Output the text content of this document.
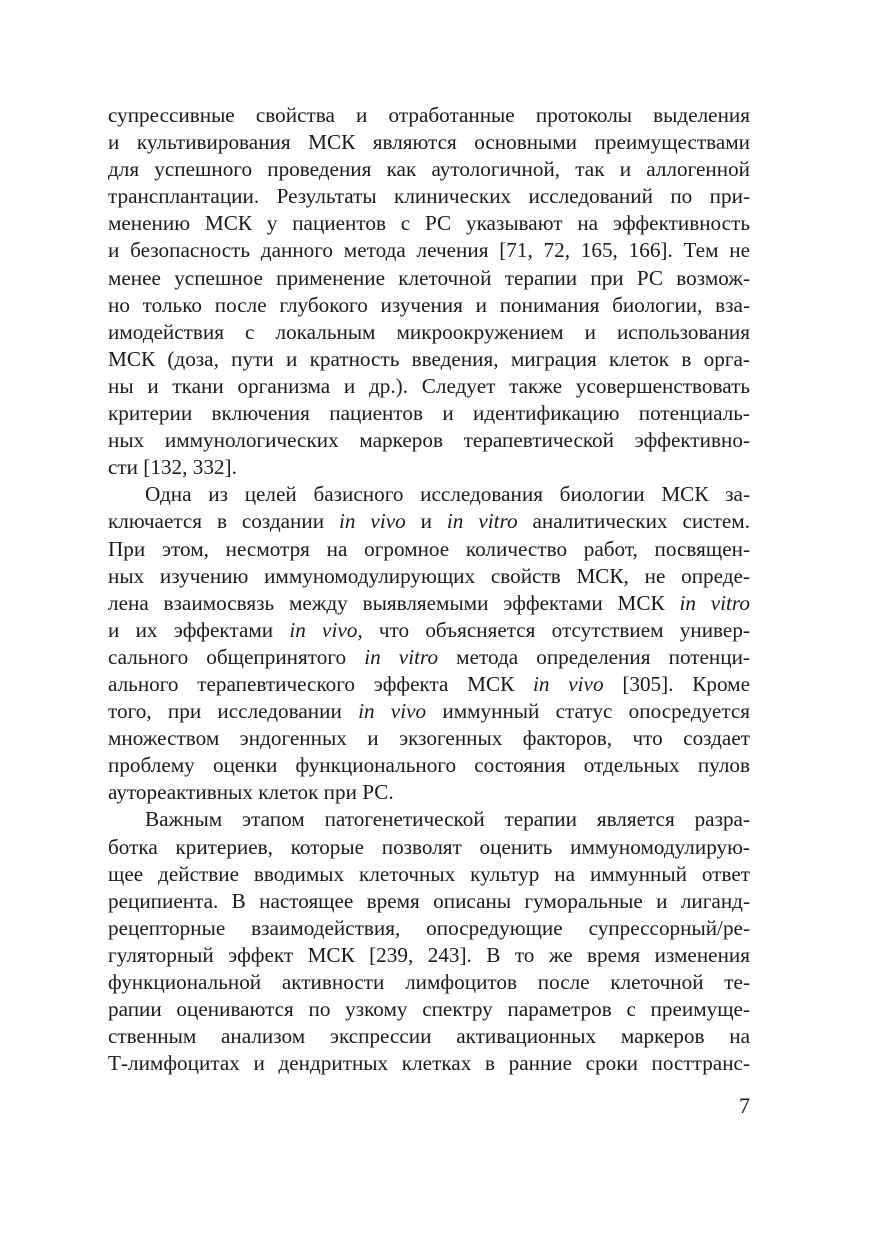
супрессивные свойства и отработанные протоколы выделения
и культивирования МСК являются основными преимуществами
для успешного проведения как аутологичной, так и аллогенной
трансплантации. Результаты клинических исследований по при-
менению МСК у пациентов с РС указывают на эффективность
и безопасность данного метода лечения [71, 72, 165, 166]. Тем не
менее успешное применение клеточной терапии при РС возмож-
но только после глубокого изучения и понимания биологии, вза-
имодействия с локальным микроокружением и использования
МСК (доза, пути и кратность введения, миграция клеток в орга-
ны и ткани организма и др.). Следует также усовершенствовать
критерии включения пациентов и идентификацию потенциаль-
ных иммунологических маркеров терапевтической эффективно-
сти [132, 332].
Одна из целей базисного исследования биологии МСК за-
ключается в создании in vivo и in vitro аналитических систем.
При этом, несмотря на огромное количество работ, посвящен-
ных изучению иммуномодулирующих свойств МСК, не опреде-
лена взаимосвязь между выявляемыми эффектами МСК in vitro
и их эффектами in vivo, что объясняется отсутствием универ-
сального общепринятого in vitro метода определения потенци-
ального терапевтического эффекта МСК in vivo [305]. Кроме
того, при исследовании in vivo иммунный статус опосредуется
множеством эндогенных и экзогенных факторов, что создает
проблему оценки функционального состояния отдельных пулов
аутореактивных клеток при РС.
Важным этапом патогенетической терапии является разра-
ботка критериев, которые позволят оценить иммуномодулирую-
щее действие вводимых клеточных культур на иммунный ответ
реципиента. В настоящее время описаны гуморальные и лиганд-
рецепторные взаимодействия, опосредующие супрессорный/ре-
гуляторный эффект МСК [239, 243]. В то же время изменения
функциональной активности лимфоцитов после клеточной те-
рапии оцениваются по узкому спектру параметров с преимуще-
ственным анализом экспрессии активационных маркеров на
Т-лимфоцитах и дендритных клетках в ранние сроки посттранс-
7
